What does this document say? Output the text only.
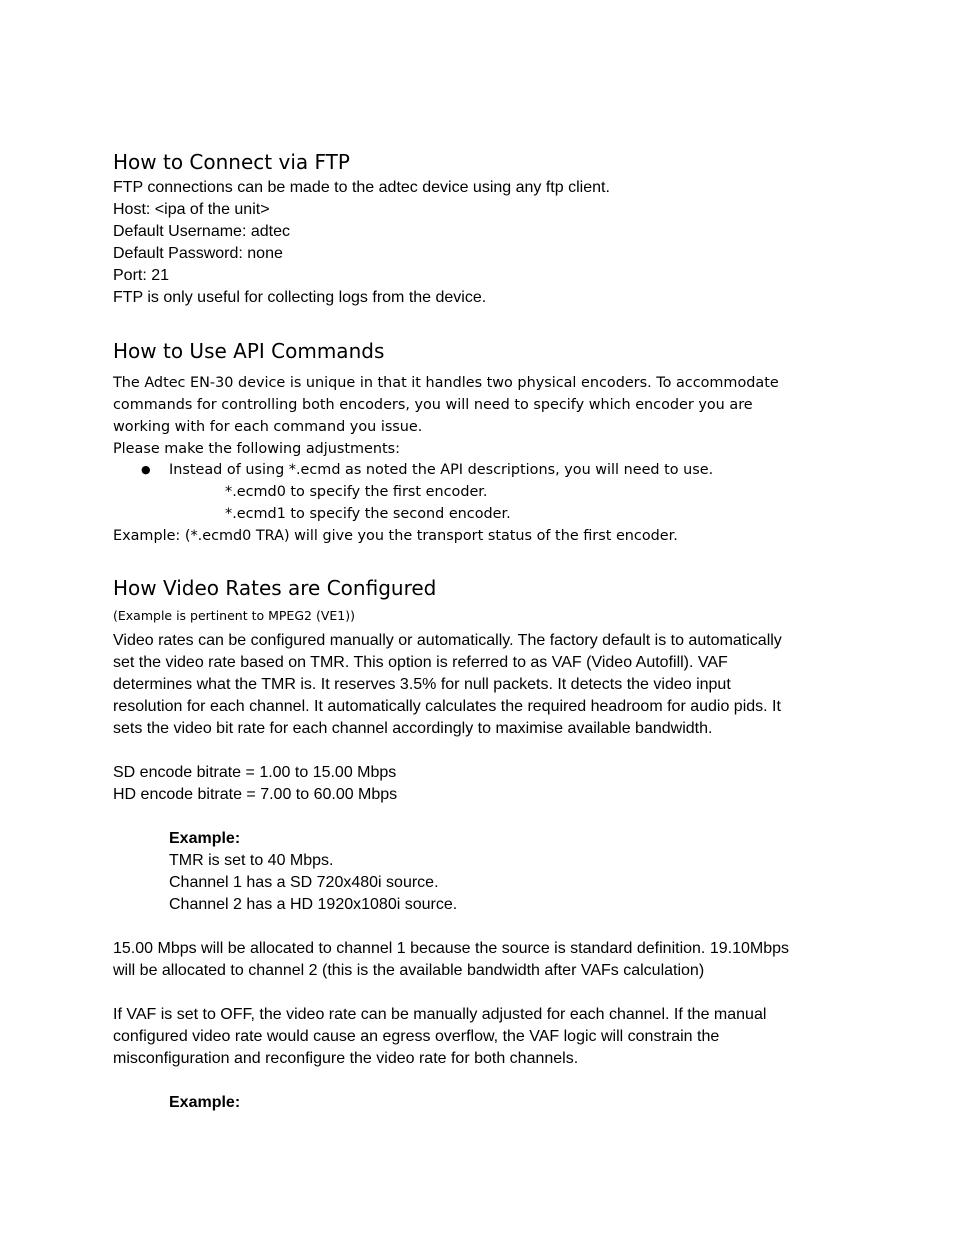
How to Connect via FTP

FTP connections can be made to the adtec device using any ftp client.

Host: <ipa of the unit>

Default Username: adtec

Default Password: none

Port: 21

FTP is only useful for collecting logs from the device.

How to Use API Commands

The Adtec EN-30 device is unique in that it handles two physical encoders. To accommodate

commands for controlling both encoders, you will need to specify which encoder you are

working with for each command you issue.

Please make the following adjustments:

● Instead of using *.ecmd as noted the API descriptions, you will need to use.

*.ecmd0 to specify the first encoder.

*.ecmd1 to specify the second encoder.

Example: (*.ecmd0 TRA) will give you the transport status of the first encoder.

How Video Rates are Configured

(Example is pertinent to MPEG2 (VE1))

Video rates can be configured manually or automatically. The factory default is to automatically

set the video rate based on TMR. This option is referred to as VAF (Video Autofill). VAF

determines what the TMR is. It reserves 3.5% for null packets. It detects the video input

resolution for each channel. It automatically calculates the required headroom for audio pids. It

sets the video bit rate for each channel accordingly to maximise available bandwidth.

SD encode bitrate = 1.00 to 15.00 Mbps

HD encode bitrate = 7.00 to 60.00 Mbps

Example:

TMR is set to 40 Mbps.

Channel 1 has a SD 720x480i source.

Channel 2 has a HD 1920x1080i source.

15.00 Mbps will be allocated to channel 1 because the source is standard definition. 19.10Mbps

will be allocated to channel 2 (this is the available bandwidth after VAFs calculation)

If VAF is set to OFF, the video rate can be manually adjusted for each channel. If the manual

configured video rate would cause an egress overflow, the VAF logic will constrain the

misconfiguration and reconfigure the video rate for both channels.

Example:
